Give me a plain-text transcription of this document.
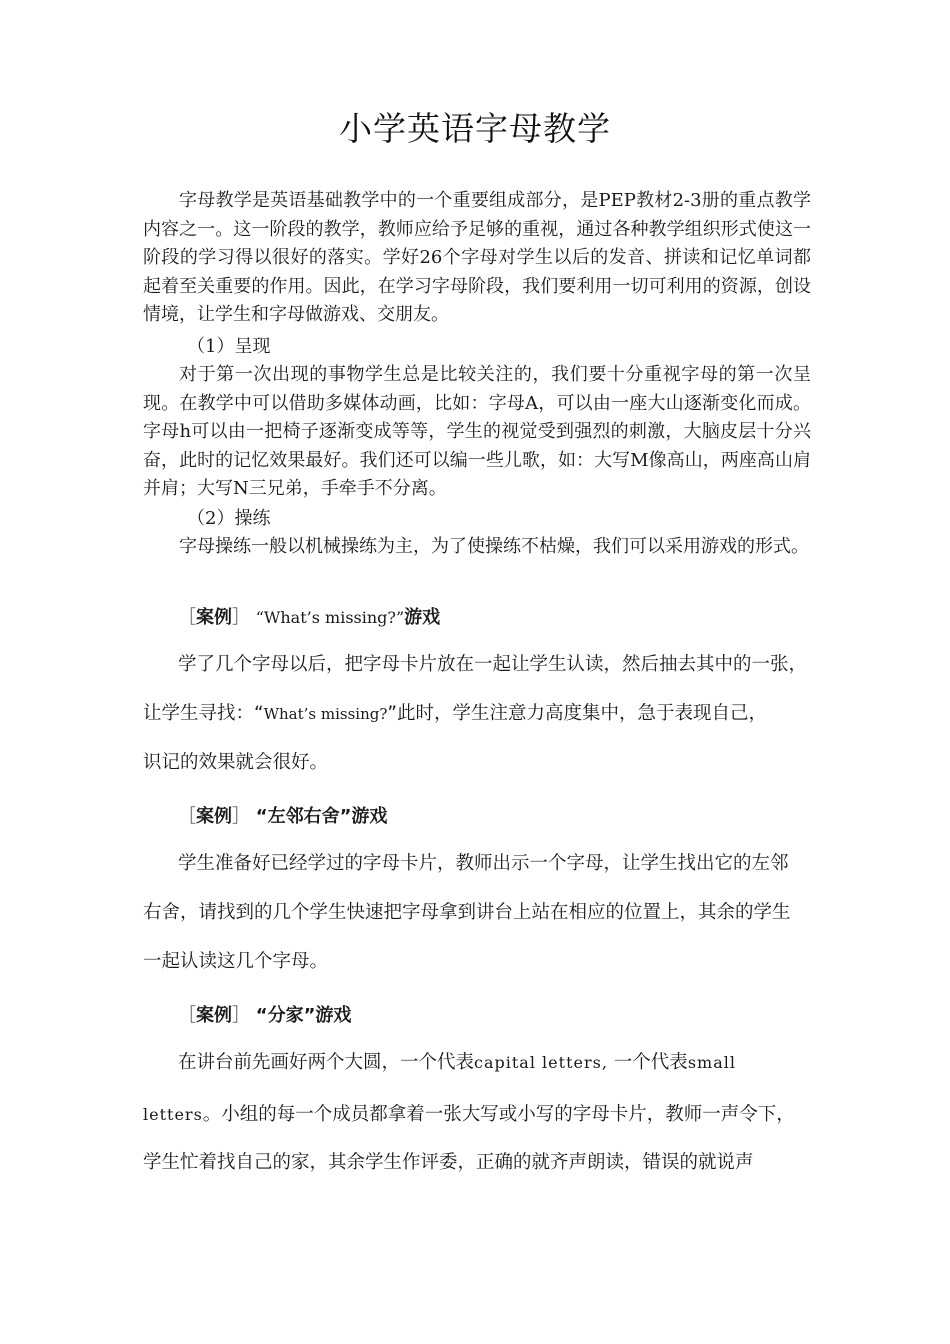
小学英语字母教学
字母教学是英语基础教学中的一个重要组成部分，是PEP教材2-3册的重点教学内容之一。这一阶段的教学，教师应给予足够的重视，通过各种教学组织形式使这一阶段的学习得以很好的落实。学好26个字母对学生以后的发音、拼读和记忆单词都起着至关重要的作用。因此，在学习字母阶段，我们要利用一切可利用的资源，创设情境，让学生和字母做游戏、交朋友。
（1）呈现
对于第一次出现的事物学生总是比较关注的，我们要十分重视字母的第一次呈现。在教学中可以借助多媒体动画，比如：字母A，可以由一座大山逐渐变化而成。字母h可以由一把椅子逐渐变成等等，学生的视觉受到强烈的刺激，大脑皮层十分兴奋，此时的记忆效果最好。我们还可以编一些儿歌，如：大写M像高山，两座高山肩并肩；大写N三兄弟，手牵手不分离。
（2）操练
字母操练一般以机械操练为主，为了使操练不枯燥，我们可以采用游戏的形式。
［案例］ “What’s missing?”游戏
学了几个字母以后，把字母卡片放在一起让学生认读，然后抽去其中的一张，
让学生寻找：“What’s missing?”此时，学生注意力高度集中，急于表现自己，
识记的效果就会很好。
［案例］ “左邻右舍”游戏
学生准备好已经学过的字母卡片，教师出示一个字母，让学生找出它的左邻
右舍，请找到的几个学生快速把字母拿到讲台上站在相应的位置上，其余的学生
一起认读这几个字母。
［案例］ “分家”游戏
在讲台前先画好两个大圆，一个代表capital letters, 一个代表small
letters。小组的每一个成员都拿着一张大写或小写的字母卡片，教师一声令下，
学生忙着找自己的家，其余学生作评委，正确的就齐声朗读，错误的就说声
